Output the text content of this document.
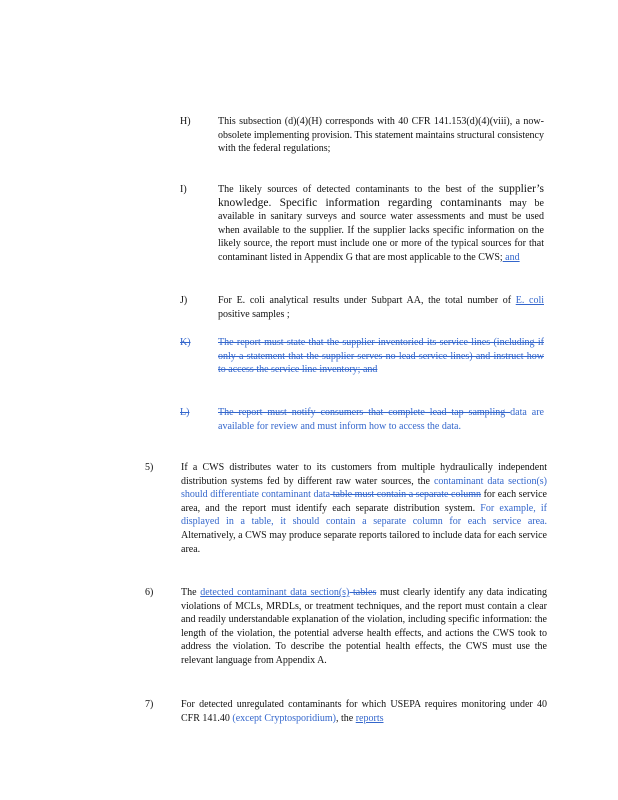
H)	This subsection (d)(4)(H) corresponds with 40 CFR 141.153(d)(4)(viii), a now-obsolete implementing provision. This statement maintains structural consistency with the federal regulations;
I)	The likely sources of detected contaminants to the best of the supplier’s knowledge. Specific information regarding contaminants may be available in sanitary surveys and source water assessments and must be used when available to the supplier. If the supplier lacks specific information on the likely source, the report must include one or more of the typical sources for that contaminant listed in Appendix G that are most applicable to the CWS; and
J)	For E. coli analytical results under Subpart AA, the total number of E. coli positive samples ;
K)	The report must state that the supplier inventoried its service lines (including if only a statement that the supplier serves no lead service lines) and instruct how to access the service line inventory; and
L)	The report must notify consumers that complete lead tap sampling data are available for review and must inform how to access the data.
5)	If a CWS distributes water to its customers from multiple hydraulically independent distribution systems fed by different raw water sources, the contaminant data section(s) should differentiate contaminant data table must contain a separate column for each service area, and the report must identify each separate distribution system. For example, if displayed in a table, it should contain a separate column for each service area. Alternatively, a CWS may produce separate reports tailored to include data for each service area.
6)	The detected contaminant data section(s) tables must clearly identify any data indicating violations of MCLs, MRDLs, or treatment techniques, and the report must contain a clear and readily understandable explanation of the violation, including specific information: the length of the violation, the potential adverse health effects, and actions the CWS took to address the violation. To describe the potential health effects, the CWS must use the relevant language from Appendix A.
7)	For detected unregulated contaminants for which USEPA requires monitoring under 40 CFR 141.40 (except Cryptosporidium), the reports
